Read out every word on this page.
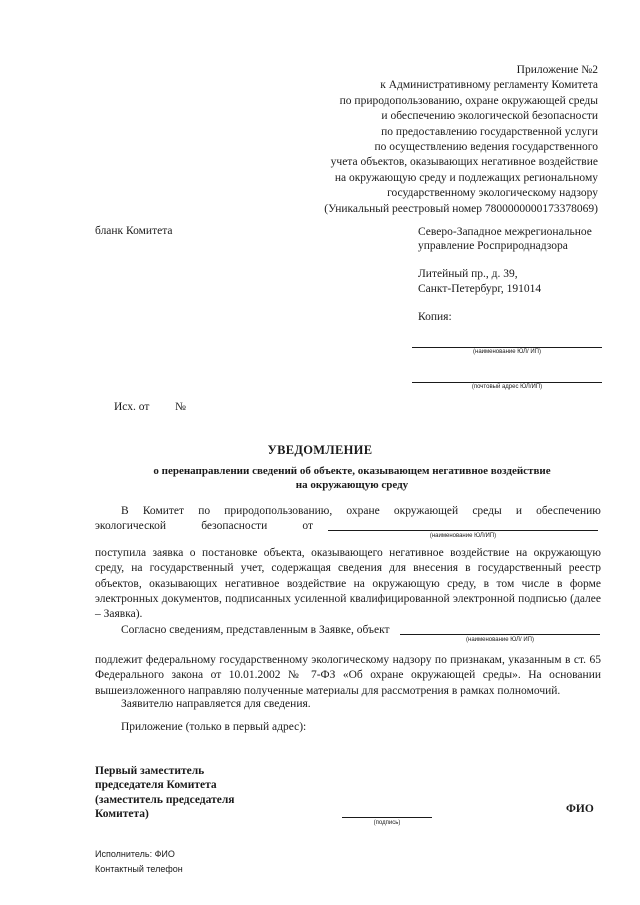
Приложение №2
к Административному регламенту Комитета
по природопользованию, охране окружающей среды
и обеспечению экологической безопасности
по предоставлению государственной услуги
по осуществлению ведения государственного
учета объектов, оказывающих негативное воздействие
на окружающую среду и подлежащих региональному
государственному экологическому надзору
(Уникальный реестровый номер 7800000000173378069)
бланк Комитета	Северо-Западное межрегиональное
управление Росприроднадзора
Литейный пр., д. 39,
Санкт-Петербург, 191014
Копия:
(наименование ЮЛ/ ИП)
(почтовый адрес ЮЛ/ИП)
Исх. от №
УВЕДОМЛЕНИЕ
о перенаправлении сведений об объекте, оказывающем негативное воздействие
на окружающую среду
В Комитет по природопользованию, охране окружающей среды и обеспечению
экологической	безопасности	от
(наименование ЮЛ/ИП)
поступила заявка о постановке объекта, оказывающего негативное воздействие на окружающую среду, на государственный учет, содержащая сведения для внесения в государственный реестр объектов, оказывающих негативное воздействие на окружающую среду, в том числе в форме электронных документов, подписанных усиленной квалифицированной электронной подписью (далее – Заявка).
Согласно сведениям, представленным в Заявке, объект
(наименование ЮЛ/ ИП)
подлежит федеральному государственному экологическому надзору по признакам, указанным в ст. 65 Федерального закона от 10.01.2002 № 7-ФЗ «Об охране окружающей среды». На основании вышеизложенного направляю полученные материалы для рассмотрения в рамках полномочий.
Заявителю направляется для сведения.
Приложение (только в первый адрес):
Первый заместитель
председателя Комитета
(заместитель председателя
Комитета)
(подпись)
ФИО
Исполнитель: ФИО
Контактный телефон
